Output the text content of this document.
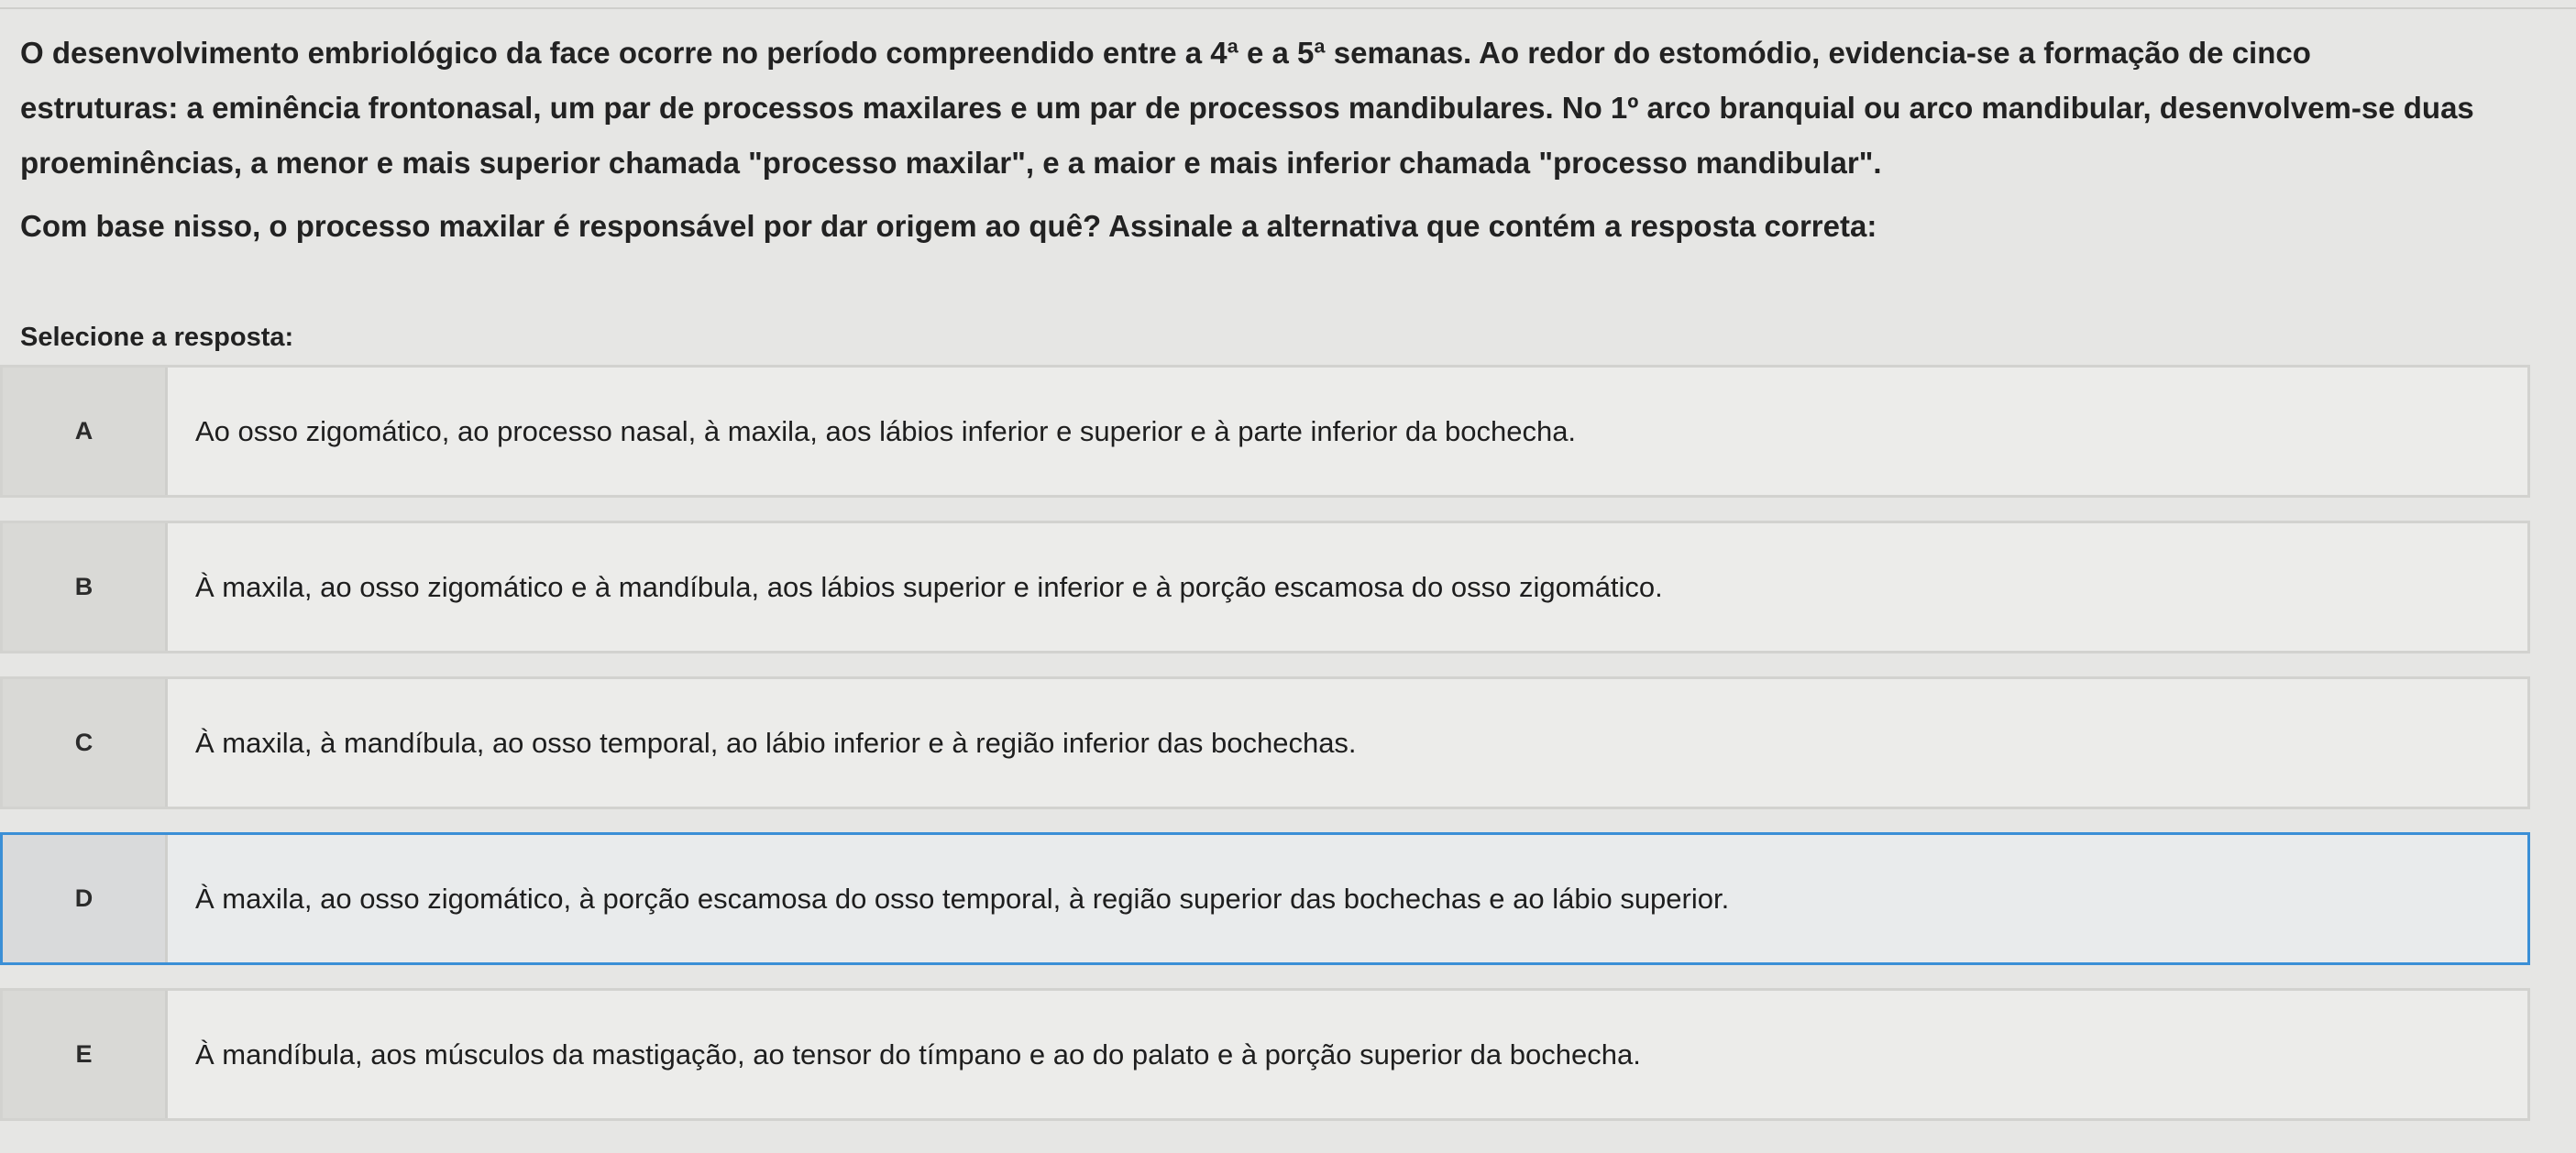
O desenvolvimento embriológico da face ocorre no período compreendido entre a 4ª e a 5ª semanas. Ao redor do estomódio, evidencia-se a formação de cinco

estruturas: a eminência frontonasal, um par de processos maxilares e um par de processos mandibulares. No 1º arco branquial ou arco mandibular, desenvolvem-se duas

proeminências, a menor e mais superior chamada "processo maxilar", e a maior e mais inferior chamada "processo mandibular".

Com base nisso, o processo maxilar é responsável por dar origem ao quê? Assinale a alternativa que contém a resposta correta:
Selecione a resposta:
A	Ao osso zigomático, ao processo nasal, à maxila, aos lábios inferior e superior e à parte inferior da bochecha.
B	À maxila, ao osso zigomático e à mandíbula, aos lábios superior e inferior e à porção escamosa do osso zigomático.
C	À maxila, à mandíbula, ao osso temporal, ao lábio inferior e à região inferior das bochechas.
D	À maxila, ao osso zigomático, à porção escamosa do osso temporal, à região superior das bochechas e ao lábio superior.
E	À mandíbula, aos músculos da mastigação, ao tensor do tímpano e ao do palato e à porção superior da bochecha.
